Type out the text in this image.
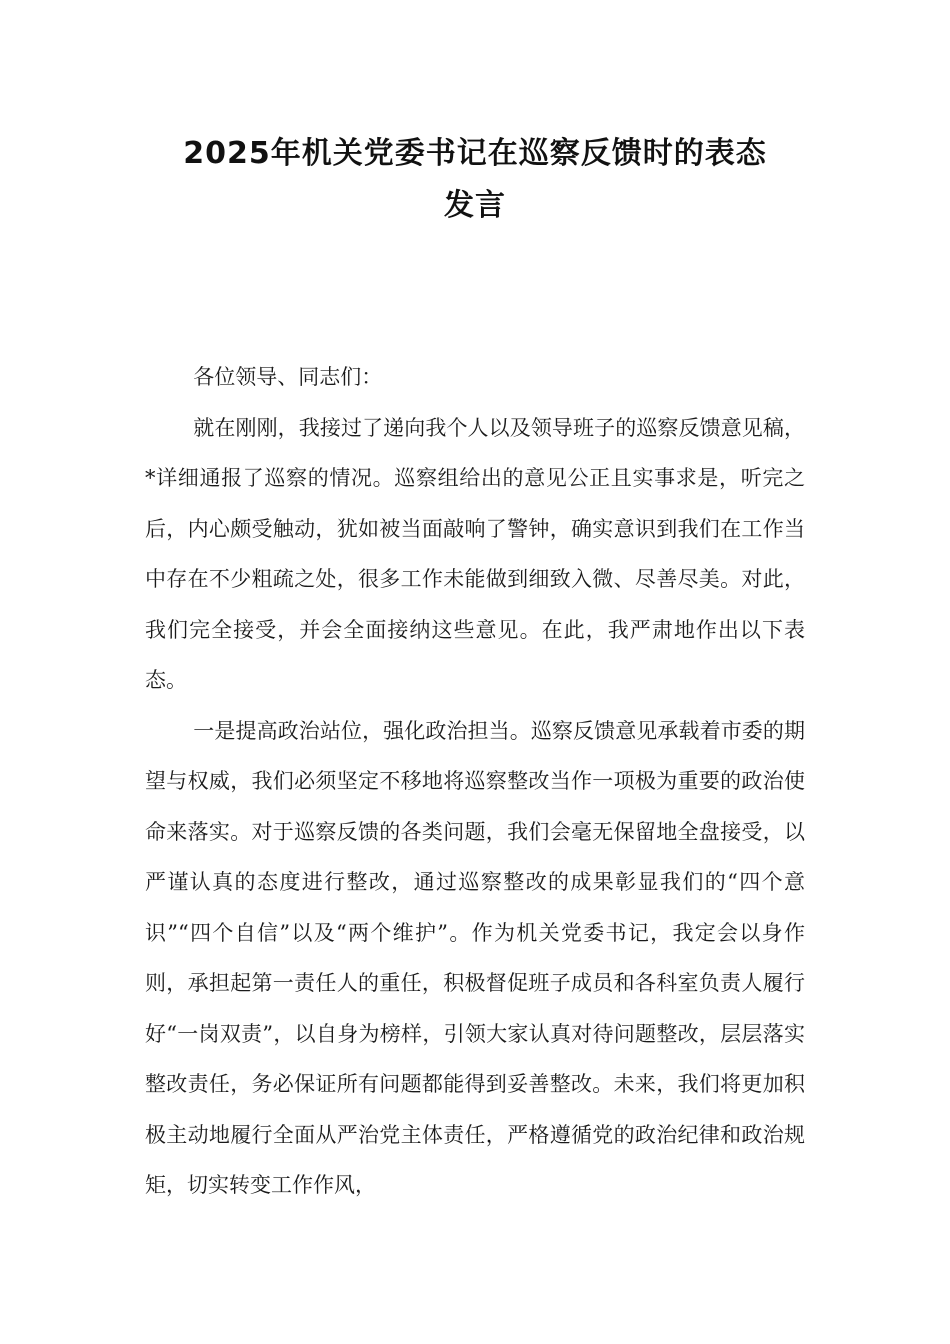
2025年机关党委书记在巡察反馈时的表态
发言

各位领导、同志们：

就在刚刚，我接过了递向我个人以及领导班子的巡察反馈意见稿，*详细通报了巡察的情况。巡察组给出的意见公正且实事求是，听完之后，内心颇受触动，犹如被当面敲响了警钟，确实意识到我们在工作当中存在不少粗疏之处，很多工作未能做到细致入微、尽善尽美。对此，我们完全接受，并会全面接纳这些意见。在此，我严肃地作出以下表态。

一是提高政治站位，强化政治担当。巡察反馈意见承载着市委的期望与权威，我们必须坚定不移地将巡察整改当作一项极为重要的政治使命来落实。对于巡察反馈的各类问题，我们会毫无保留地全盘接受，以严谨认真的态度进行整改，通过巡察整改的成果彰显我们的“四个意识”“四个自信”以及“两个维护”。作为机关党委书记，我定会以身作则，承担起第一责任人的重任，积极督促班子成员和各科室负责人履行好“一岗双责”，以自身为榜样，引领大家认真对待问题整改，层层落实整改责任，务必保证所有问题都能得到妥善整改。未来，我们将更加积极主动地履行全面从严治党主体责任，严格遵循党的政治纪律和政治规矩，切实转变工作作风，
